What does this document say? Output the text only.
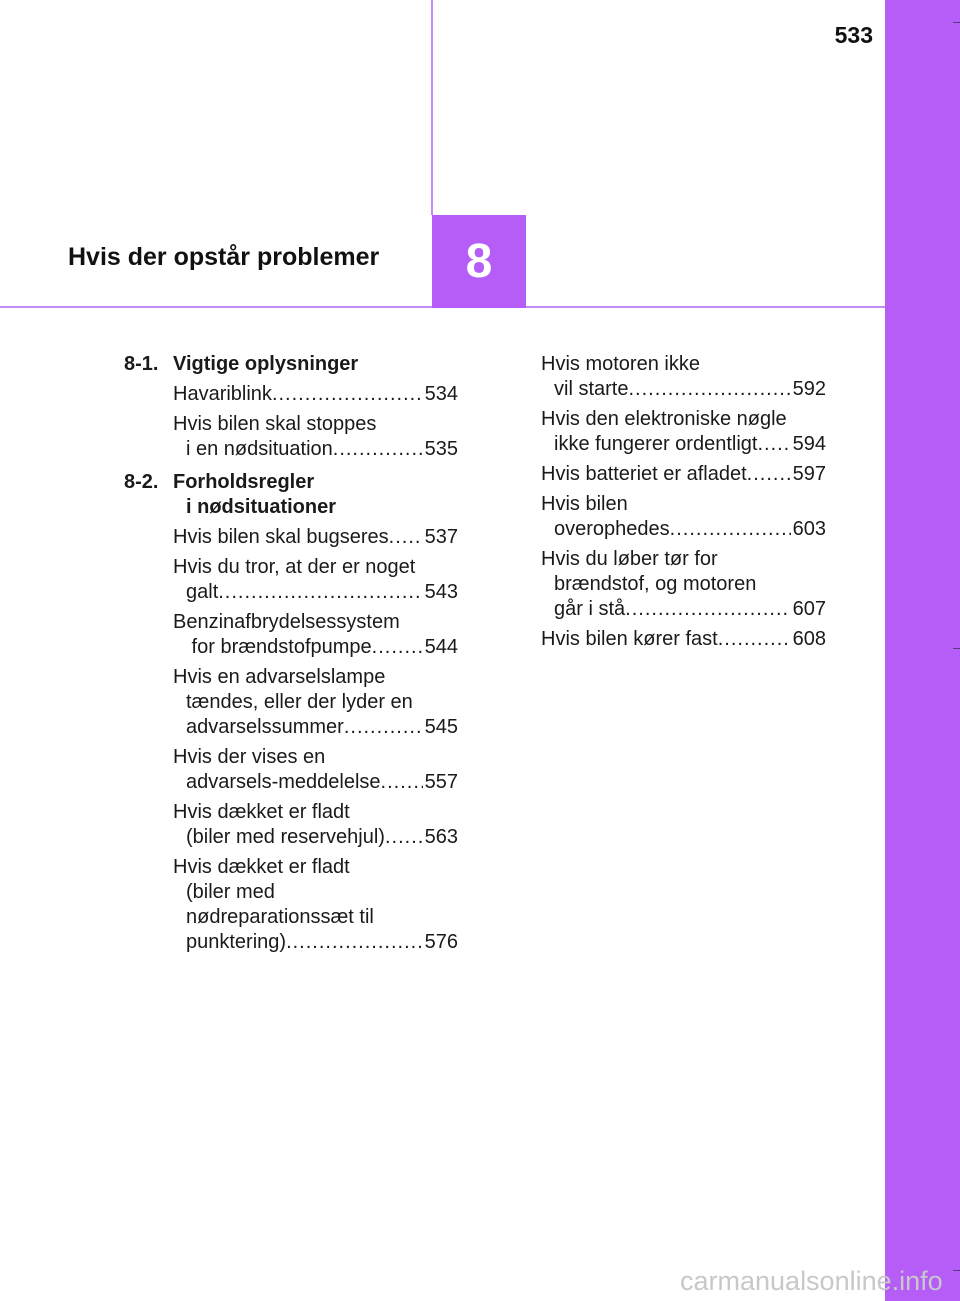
533
Hvis der opstår problemer	8
8-1. Vigtige oplysninger
Havariblink .....	534
Hvis bilen skal stoppes
i en nødsituation .....	535
8-2. Forholdsregler
i nødsituationer
Hvis bilen skal bugseres ..... 537
Hvis du tror, at der er noget
galt .....	543
Benzinafbrydelsessystem
for brændstofpumpe .....	544
Hvis en advarselslampe
tændes, eller der lyder en
advarselssummer .....	545
Hvis der vises en
advarsels-meddelelse ..... 557
Hvis dækket er fladt
(biler med reservehjul) ..... 563
Hvis dækket er fladt
(biler med
nødreparationssæt til
punktering) .....	576
Hvis motoren ikke
vil starte .....	592
Hvis den elektroniske nøgle
ikke fungerer ordentligt ..... 594
Hvis batteriet er afladet ..... 597
Hvis bilen
overophedes .....	603
Hvis du løber tør for
brændstof, og motoren
går i stå .....	607
Hvis bilen kører fast .....	608
carmanualsonline.info
